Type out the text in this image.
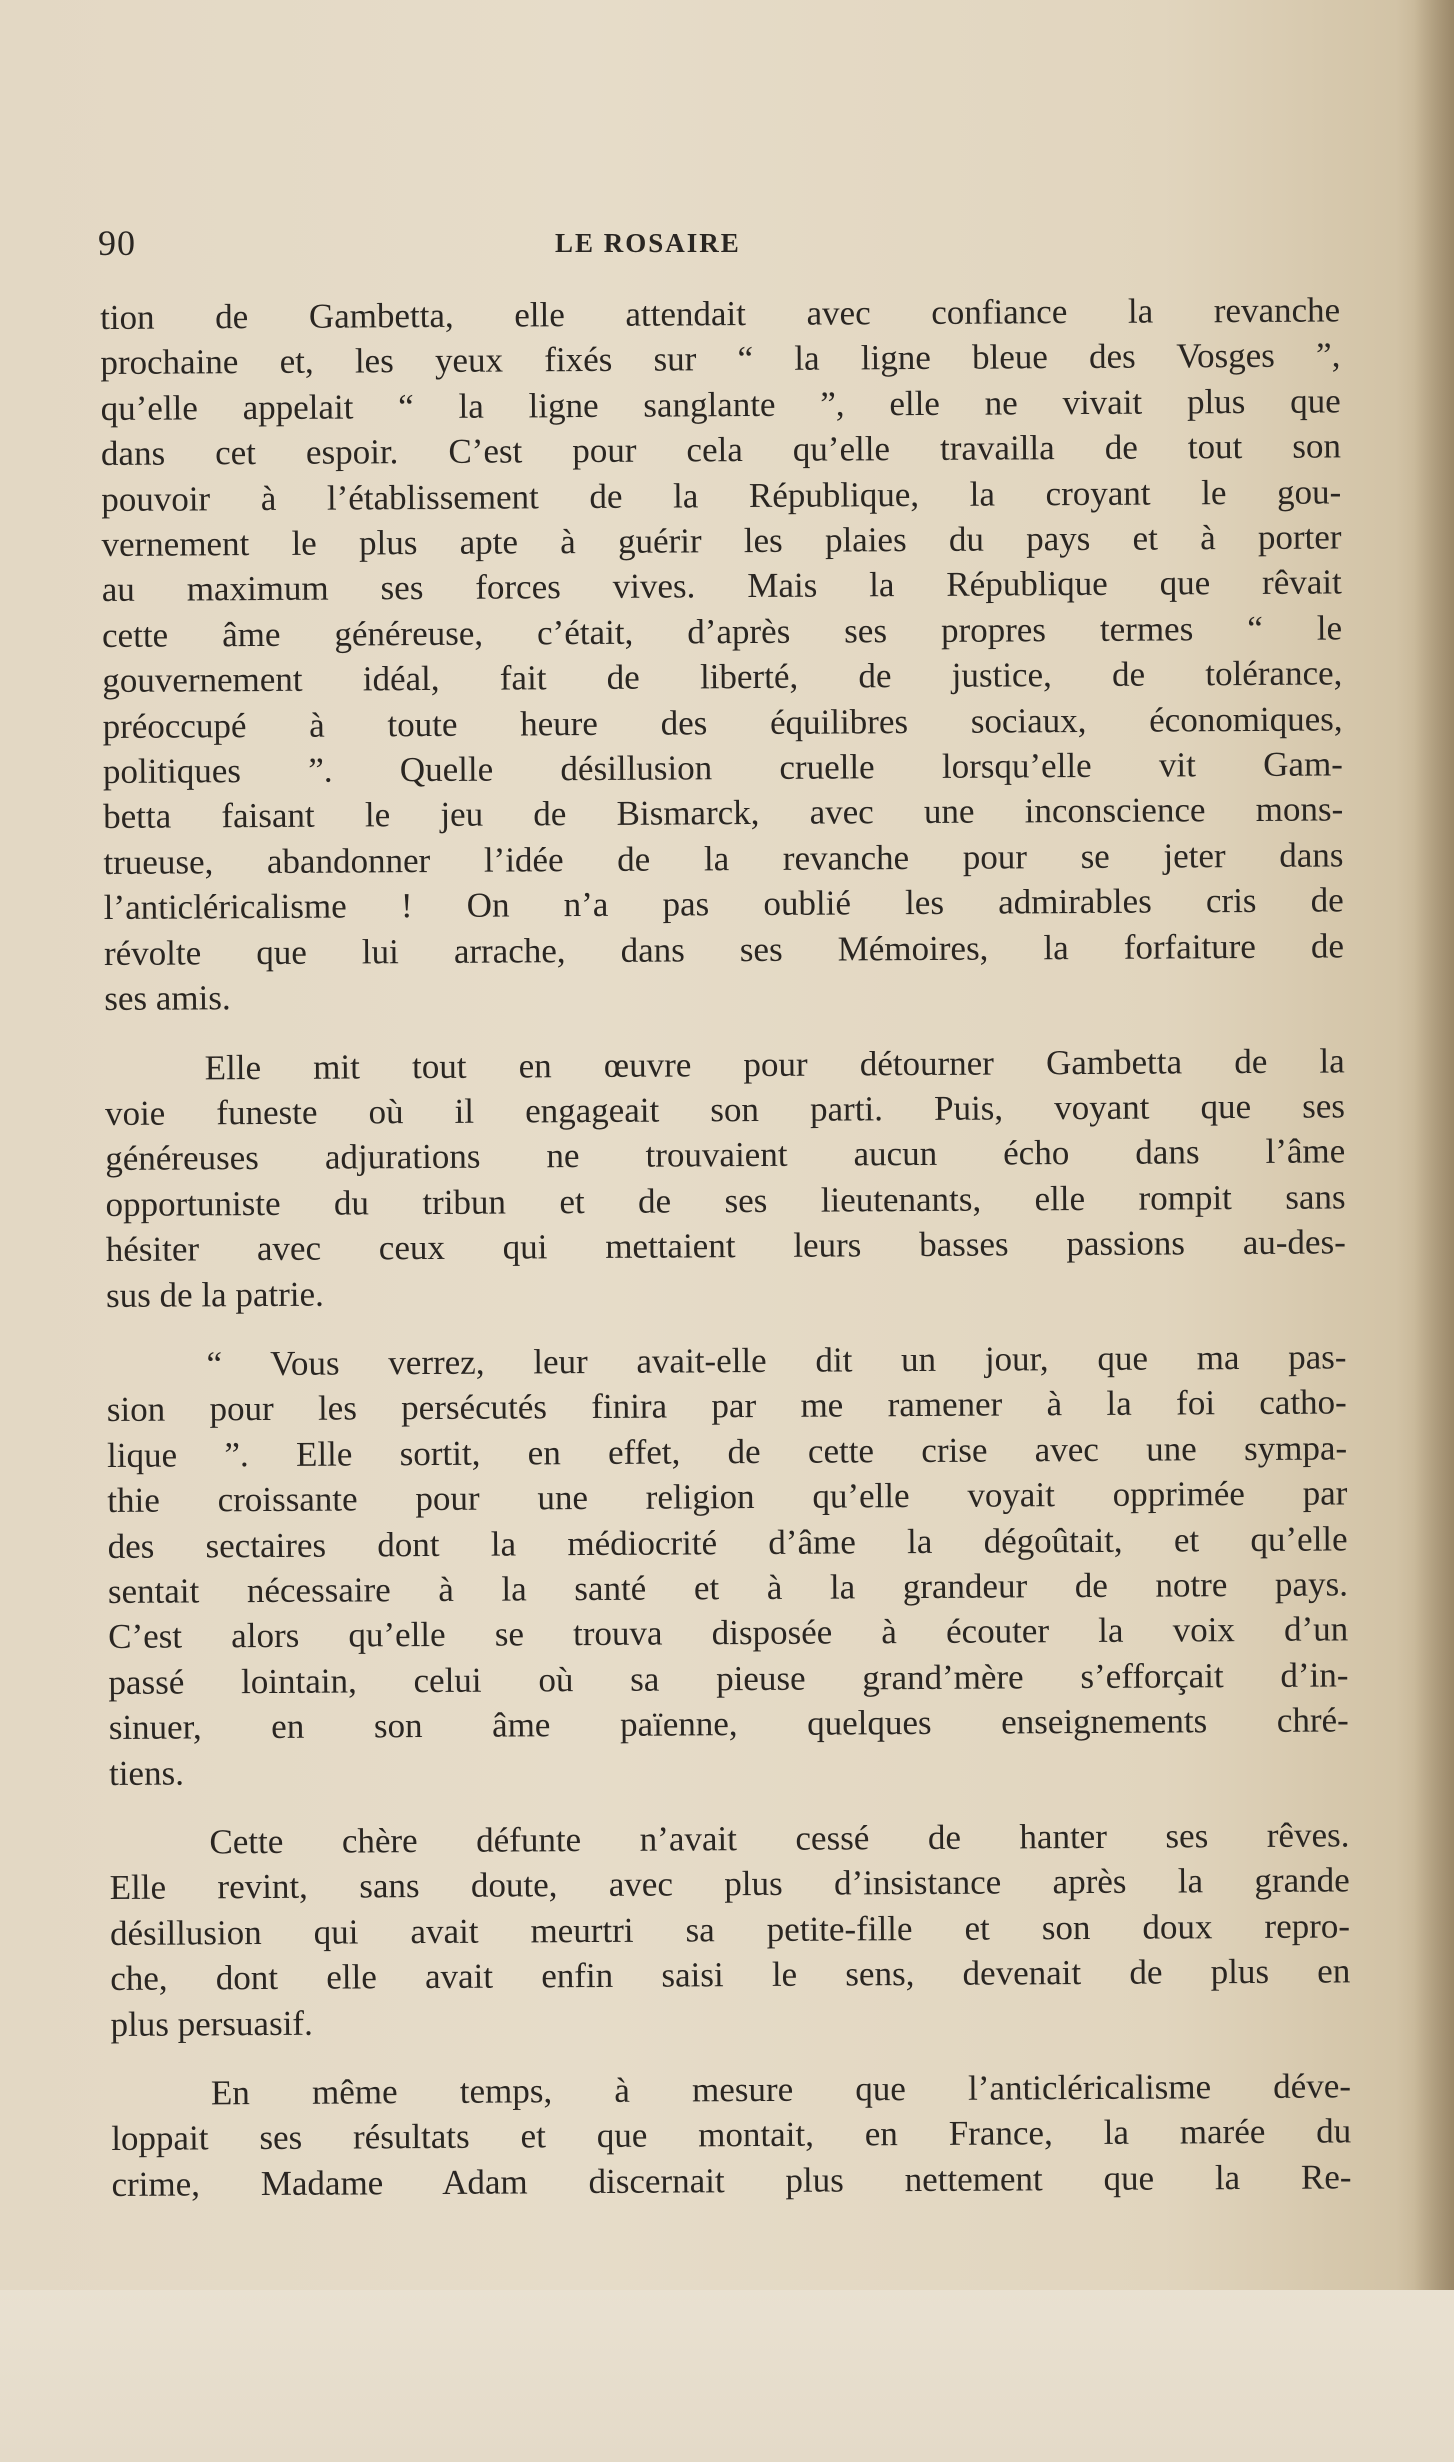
90	LE ROSAIRE
tion de Gambetta, elle attendait avec confiance la revanche
prochaine et, les yeux fixés sur “ la ligne bleue des Vosges ”,
qu’elle appelait “ la ligne sanglante ”, elle ne vivait plus que
dans cet espoir. C’est pour cela qu’elle travailla de tout son
pouvoir à l’établissement de la République, la croyant le gou-
vernement le plus apte à guérir les plaies du pays et à porter
au maximum ses forces vives. Mais la République que rêvait
cette âme généreuse, c’était, d’après ses propres termes “ le
gouvernement idéal, fait de liberté, de justice, de tolérance,
préoccupé à toute heure des équilibres sociaux, économiques,
politiques ”. Quelle désillusion cruelle lorsqu’elle vit Gam-
betta faisant le jeu de Bismarck, avec une inconscience mons-
trueuse, abandonner l’idée de la revanche pour se jeter dans
l’anticléricalisme ! On n’a pas oublié les admirables cris de
révolte que lui arrache, dans ses Mémoires, la forfaiture de
ses amis.
Elle mit tout en œuvre pour détourner Gambetta de la
voie funeste où il engageait son parti. Puis, voyant que ses
généreuses adjurations ne trouvaient aucun écho dans l’âme
opportuniste du tribun et de ses lieutenants, elle rompit sans
hésiter avec ceux qui mettaient leurs basses passions au-des-
sus de la patrie.
“ Vous verrez, leur avait-elle dit un jour, que ma pas-
sion pour les persécutés finira par me ramener à la foi catho-
lique ”. Elle sortit, en effet, de cette crise avec une sympa-
thie croissante pour une religion qu’elle voyait opprimée par
des sectaires dont la médiocrité d’âme la dégoûtait, et qu’elle
sentait nécessaire à la santé et à la grandeur de notre pays.
C’est alors qu’elle se trouva disposée à écouter la voix d’un
passé lointain, celui où sa pieuse grand’mère s’efforçait d’in-
sinuer, en son âme païenne, quelques enseignements chré-
tiens.
Cette chère défunte n’avait cessé de hanter ses rêves.
Elle revint, sans doute, avec plus d’insistance après la grande
désillusion qui avait meurtri sa petite-fille et son doux repro-
che, dont elle avait enfin saisi le sens, devenait de plus en
plus persuasif.
En même temps, à mesure que l’anticléricalisme déve-
loppait ses résultats et que montait, en France, la marée du
crime, Madame Adam discernait plus nettement que la Re-
